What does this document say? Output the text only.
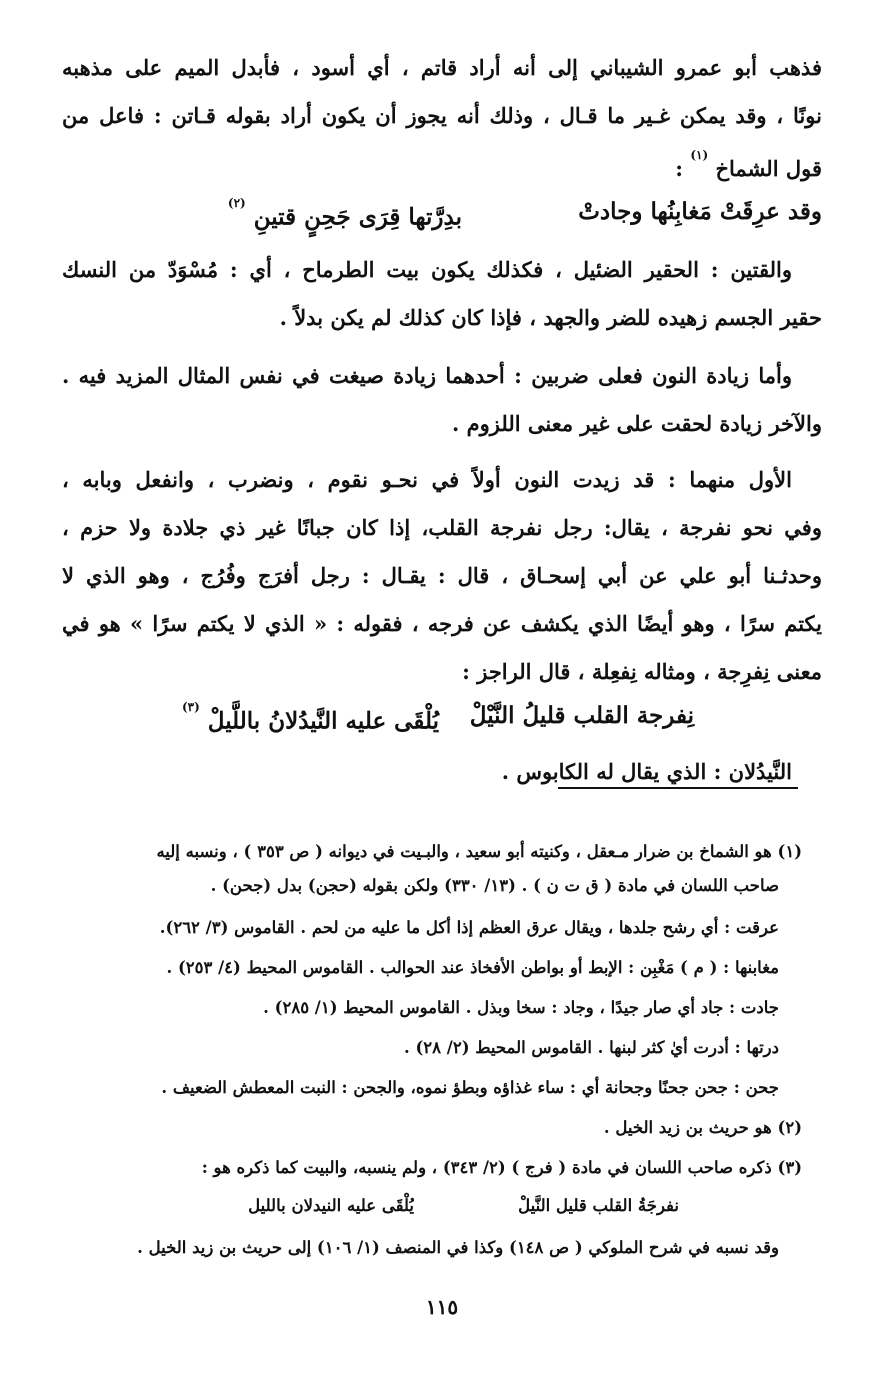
فذهب أبو عمرو الشيباني إلى أنه أراد قاتم ، أي أسود ، فأبدل الميم على مذهبه
نونًا ، وقد يمكن غـير ما قـال ، وذلك أنه يجوز أن يكون أراد بقوله قـاتن : فاعل من
قول الشماخ $^{(١)}$ :
وقد عرِقَتْ مَغابِنُها وجادتْ
بدِرَّتها قِرَى جَحِنٍ قتينِ $^{(٢)}$
والقتين : الحقير الضئيل ، فكذلك يكون بيت الطرماح ، أي : مُسْوَدّ من النسك
حقير الجسم زهيده للضر والجهد ، فإذا كان كذلك لم يكن بدلاً .
وأما زيادة النون فعلى ضربين : أحدهما زيادة صيغت في نفس المثال المزيد فيه .
والآخر زيادة لحقت على غير معنى اللزوم .
الأول منهما : قد زيدت النون أولاً في نحـو نقوم ، ونضرب ، وانفعل وبابه ،
وفي نحو نفرجة ، يقال: رجل نفرجة القلب، إذا كان جبانًا غير ذي جلادة ولا حزم ،
وحدثـنا أبو علي عن أبي إسحـاق ، قال : يقـال : رجل أفرَج وفُرُج ، وهو الذي لا
يكتم سرًا ، وهو أيضًا الذي يكشف عن فرجه ، فقوله : « الذي لا يكتم سرًا » هو في
معنى نِفرِجة ، ومثاله نِفعِلة ، قال الراجز :
نِفرجة القلب قليلُ النَّيْلْ
يُلْقَى عليه النَّيدُلانُ باللَّيلْ $^{(٣)}$
النَّيدُلان : الذي يقال له الكابوس .
(١) هو الشماخ بن ضرار مـعقل ، وكنيته أبو سعيد ، والبـيت في ديوانه ( ص ٣٥٣ ) ، ونسبه إليه
صاحب اللسان في مادة ( ق ت ن ) . (١٣/ ٣٣٠) ولكن بقوله (حجن) بدل (جحن) .
عرقت : أي رشح جلدها ، ويقال عرق العظم إذا أكل ما عليه من لحم . القاموس (٣/ ٢٦٢).
مغابنها : ( م ) مَغْبِن : الإبط أو بواطن الأفخاذ عند الحوالب . القاموس المحيط (٤/ ٢٥٣) .
جادت : جاد أي صار جيدًا ، وجاد : سخا وبذل . القاموس المحيط (١/ ٢٨٥) .
درتها : أدرت أيٰ كثر لبنها . القاموس المحيط (٢/ ٢٨) .
جحن : جحن جحنًا وجحانة أي : ساء غذاؤه وبطؤ نموه، والجحن : النبت المعطش الضعيف .
(٢) هو حريث بن زيد الخيل .
(٣) ذكره صاحب اللسان في مادة ( فرج ) (٢/ ٣٤٣) ، ولم ينسبه، والبيت كما ذكره هو :
نفرجَةُ القلب قليل النَّيلْ
يُلْقَى عليه النيدلان بالليل
وقد نسبه في شرح الملوكي ( ص ١٤٨) وكذا في المنصف (١/ ١٠٦) إلى حريث بن زيد الخيل .
١١٥
